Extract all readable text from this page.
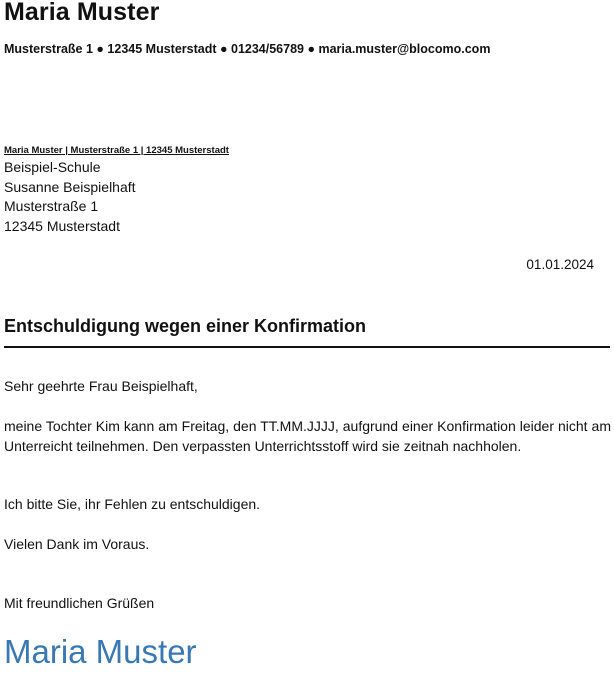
Maria Muster
Musterstraße 1 ● 12345 Musterstadt ● 01234/56789 ● maria.muster@blocomo.com
Maria Muster | Musterstraße 1 | 12345 Musterstadt
Beispiel-Schule
Susanne Beispielhaft
Musterstraße 1
12345 Musterstadt
01.01.2024
Entschuldigung wegen einer Konfirmation
Sehr geehrte Frau Beispielhaft,

meine Tochter Kim kann am Freitag, den TT.MM.JJJJ, aufgrund einer Konfirmation leider nicht am Unterreicht teilnehmen. Den verpassten Unterrichtsstoff wird sie zeitnah nachholen.

Ich bitte Sie, ihr Fehlen zu entschuldigen.
Vielen Dank im Voraus.
Mit freundlichen Grüßen
Maria Muster
